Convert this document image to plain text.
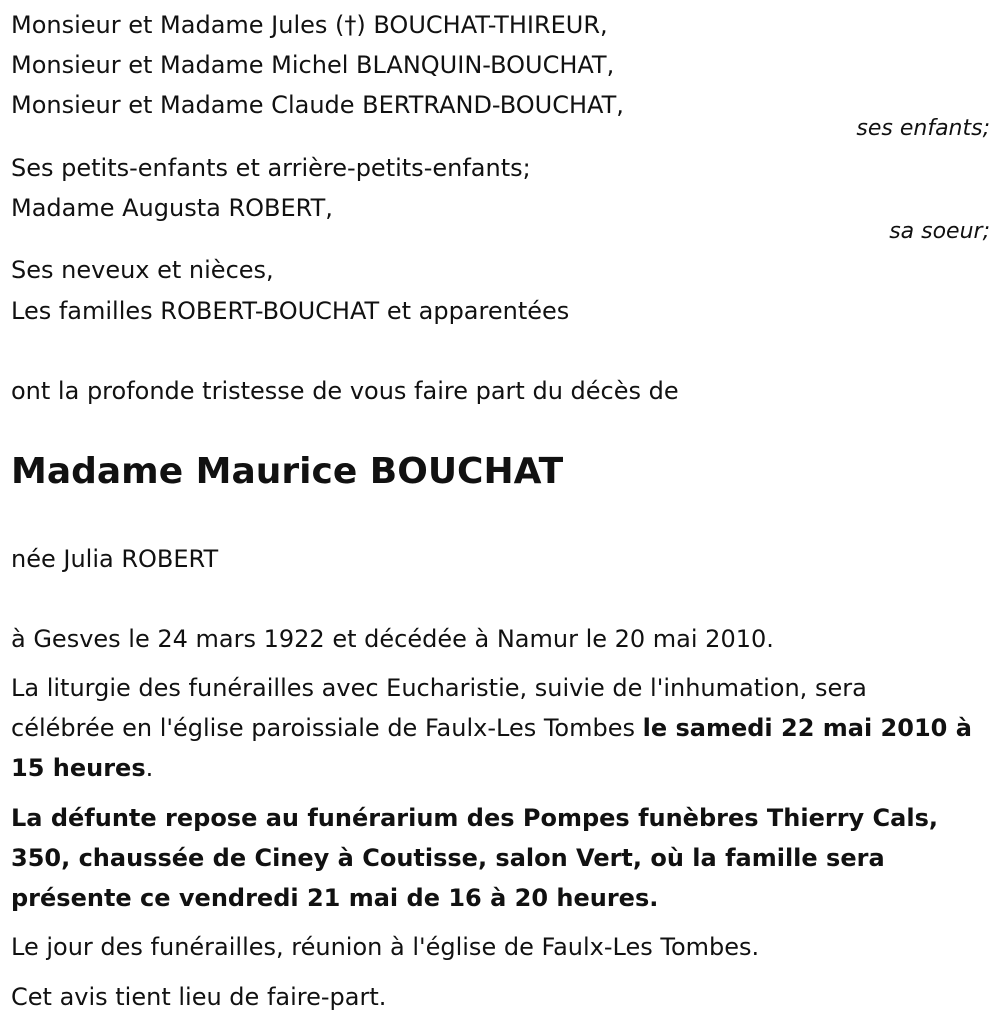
Monsieur et Madame Jules (†) BOUCHAT-THIREUR,
Monsieur et Madame Michel BLANQUIN-BOUCHAT,
Monsieur et Madame Claude BERTRAND-BOUCHAT,
ses enfants;
Ses petits-enfants et arrière-petits-enfants;
Madame Augusta ROBERT,
sa soeur;
Ses neveux et nièces,
Les familles ROBERT-BOUCHAT et apparentées
ont la profonde tristesse de vous faire part du décès de
Madame Maurice BOUCHAT
née Julia ROBERT
à Gesves le 24 mars 1922 et décédée à Namur le 20 mai 2010.
La liturgie des funérailles avec Eucharistie, suivie de l'inhumation, sera célébrée en l'église paroissiale de Faulx-Les Tombes le samedi 22 mai 2010 à 15 heures.
La défunte repose au funérarium des Pompes funèbres Thierry Cals, 350, chaussée de Ciney à Coutisse, salon Vert, où la famille sera présente ce vendredi 21 mai de 16 à 20 heures.
Le jour des funérailles, réunion à l'église de Faulx-Les Tombes.
Cet avis tient lieu de faire-part.
